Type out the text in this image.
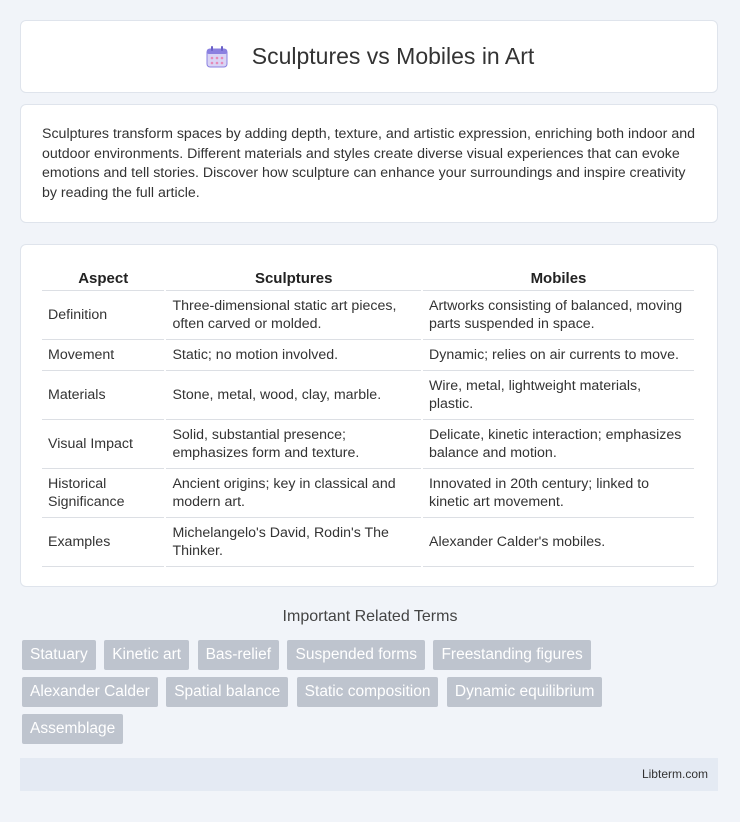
Sculptures vs Mobiles in Art

Sculptures transform spaces by adding depth, texture, and artistic expression, enriching both indoor and outdoor environments. Different materials and styles create diverse visual experiences that can evoke emotions and tell stories. Discover how sculpture can enhance your surroundings and inspire creativity by reading the full article.

Aspect	Sculptures	Mobiles
Definition	Three-dimensional static art pieces, often carved or molded.	Artworks consisting of balanced, moving parts suspended in space.
Movement	Static; no motion involved.	Dynamic; relies on air currents to move.
Materials	Stone, metal, wood, clay, marble.	Wire, metal, lightweight materials, plastic.
Visual Impact	Solid, substantial presence; emphasizes form and texture.	Delicate, kinetic interaction; emphasizes balance and motion.
Historical Significance	Ancient origins; key in classical and modern art.	Innovated in 20th century; linked to kinetic art movement.
Examples	Michelangelo's David, Rodin's The Thinker.	Alexander Calder's mobiles.
Important Related Terms
Statuary Kinetic art Bas-relief Suspended forms Freestanding figures Alexander Calder Spatial balance Static composition Dynamic equilibrium Assemblage
Libterm.com
